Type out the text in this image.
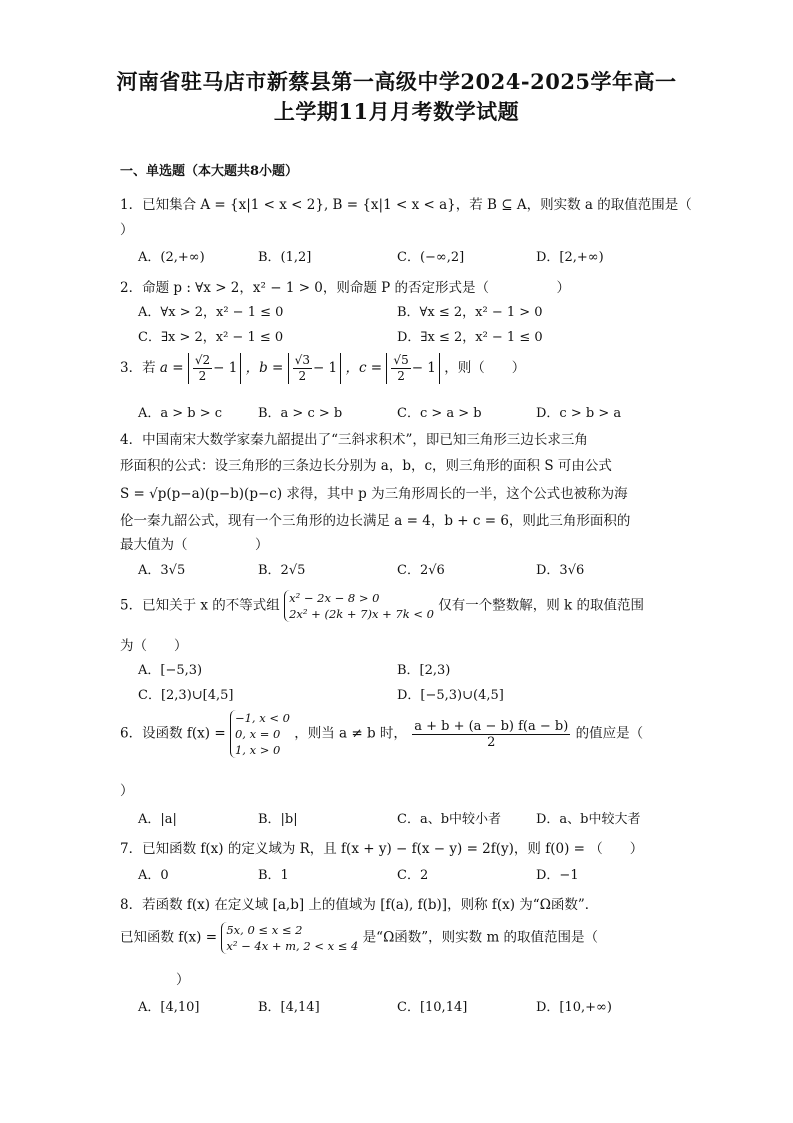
河南省驻马店市新蔡县第一高级中学2024-2025学年高一
上学期11月月考数学试题
一、单选题（本大题共8小题）
1．已知集合 A = {x|1 < x < 2}, B = {x|1 < x < a}，若 B ⊆ A，则实数 a 的取值范围是（
）
A．(2,+∞)	B．(1,2]	C．(−∞,2]	D．[2,+∞)
2．命题 p : ∀x > 2，x² − 1 > 0，则命题 P 的否定形式是（　　　　　）
A．∀x > 2，x² − 1 ≤ 0	B．∀x ≤ 2，x² − 1 > 0
C．∃x > 2，x² − 1 ≤ 0	D．∃x ≤ 2，x² − 1 ≤ 0
3．若 $a = \frac{√2}{2} - 1$ ，$b = \frac{√3}{2} - 1$ ，$c = \frac{√5}{2} - 1$ ，则（　　）
A．a > b > c	B．a > c > b	C．c > a > b	D．c > b > a
4．中国南宋大数学家秦九韶提出了“三斜求积术”，即已知三角形三边长求三角
形面积的公式：设三角形的三条边长分别为 a，b，c，则三角形的面积 S 可由公式
S = √p(p−a)(p−b)(p−c) 求得，其中 p 为三角形周长的一半，这个公式也被称为海
伦一秦九韶公式，现有一个三角形的边长满足 a = 4，b + c = 6，则此三角形面积的
最大值为（　　　　　）
A．3√5	B．2√5	C．2√6	D．3√6
5．已知关于 x 的不等式组 x² − 2x − 8 > 0
2x² + (2k + 7)x + 7k < 0
仅有一个整数解，则 k 的取值范围
为（　　）
A．[−5,3)	B．[2,3)
C．[2,3)∪[4,5]	D．[−5,3)∪(4,5]
6．设函数 f(x) =
−1, x < 0
0, x = 0
1, x > 0
，则当 a ≠ b 时， $\frac{a + b + (a - b) f(a - b)}{2}$ 的值应是（
）
A．|a|	B．|b|	C．a、b中较小者	D．a、b中较大者
7．已知函数 f(x) 的定义域为 R，且 f(x + y) − f(x − y) = 2f(y)，则 f(0) = （　　）
A．0	B．1	C．2	D．−1
8．若函数 f(x) 在定义域 [a,b] 上的值域为 [f(a), f(b)]，则称 f(x) 为“Ω函数”．
已知函数 f(x) = 5x, 0 ≤ x ≤ 2
x² − 4x + m, 2 < x ≤ 4
是“Ω函数”，则实数 m 的取值范围是（
）
A．[4,10]	B．[4,14]	C．[10,14]	D．[10,+∞)
